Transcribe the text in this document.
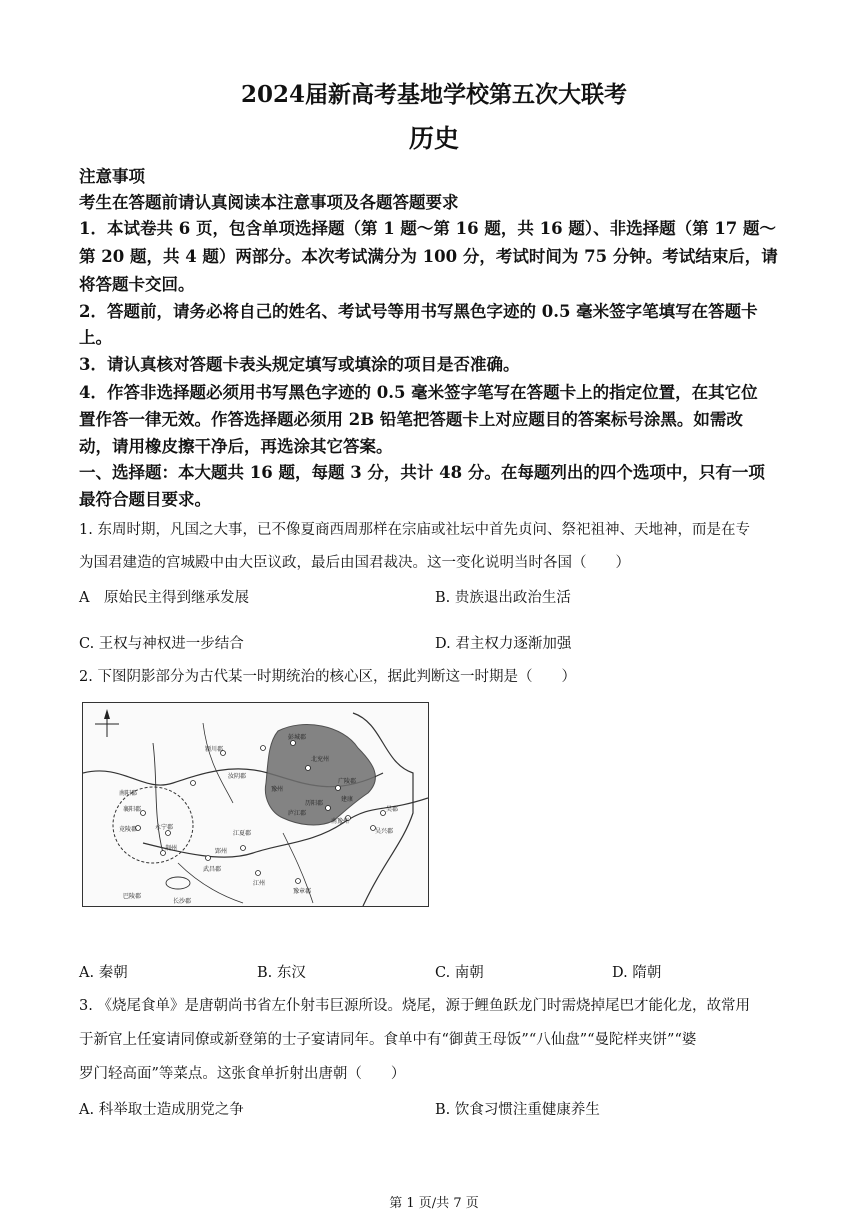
2024届新高考基地学校第五次大联考
历史
注意事项
考生在答题前请认真阅读本注意事项及各题答题要求
1．本试卷共 6 页，包含单项选择题（第 1 题～第 16 题，共 16 题）、非选择题（第 17 题～
第 20 题，共 4 题）两部分。本次考试满分为 100 分，考试时间为 75 分钟。考试结束后，请
将答题卡交回。
2．答题前，请务必将自己的姓名、考试号等用书写黑色字迹的 0.5 毫米签字笔填写在答题卡
上。
3．请认真核对答题卡表头规定填写或填涂的项目是否准确。
4．作答非选择题必须用书写黑色字迹的 0.5 毫米签字笔写在答题卡上的指定位置，在其它位
置作答一律无效。作答选择题必须用 2B 铅笔把答题卡上对应题目的答案标号涂黑。如需改
动，请用橡皮擦干净后，再选涂其它答案。
一、选择题：本大题共 16 题，每题 3 分，共计 48 分。在每题列出的四个选项中，只有一项
最符合题目要求。
1. 东周时期，凡国之大事，已不像夏商西周那样在宗庙或社坛中首先贞问、祭祀祖神、天地神，而是在专
为国君建造的宫城殿中由大臣议政，最后由国君裁决。这一变化说明当时各国（　　）
A　原始民主得到继承发展	B. 贵族退出政治生活
C. 王权与神权进一步结合	D. 君主权力逐渐加强
2. 下图阴影部分为古代某一时期统治的核心区，据此判断这一时期是（　　）
彭城郡
北兖州
豫州
历阳郡
庐江郡
广陵郡
建康
南豫州
吴郡
吴兴郡
襄阳郡
竟陵郡	永宁郡
荆州
武昌郡
郢州
江州
豫章郡
巴陵郡
南阳郡
汝阴郡
颍川郡
长沙郡
江夏郡
A. 秦朝	B. 东汉	C. 南朝	D. 隋朝
3. 《烧尾食单》是唐朝尚书省左仆射韦巨源所设。烧尾，源于鲤鱼跃龙门时需烧掉尾巴才能化龙，故常用
于新官上任宴请同僚或新登第的士子宴请同年。食单中有“御黄王母饭”“八仙盘”“曼陀样夹饼”“婆
罗门轻高面”等菜点。这张食单折射出唐朝（　　）
A. 科举取士造成朋党之争	B. 饮食习惯注重健康养生
第 1 页/共 7 页
